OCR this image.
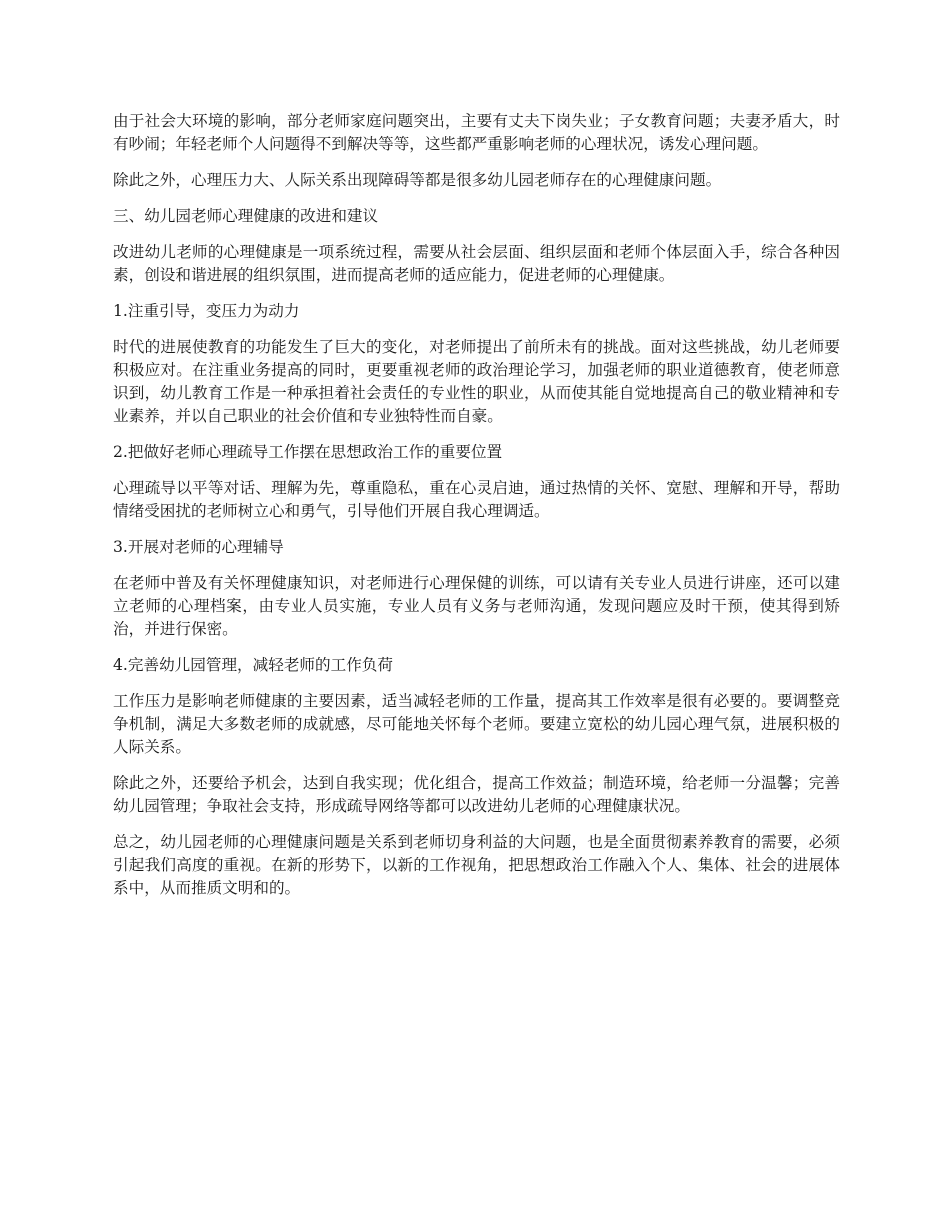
由于社会大环境的影响，部分老师家庭问题突出，主要有丈夫下岗失业；子女教育问题；夫妻矛盾大，时有吵闹；年轻老师个人问题得不到解决等等，这些都严重影响老师的心理状况，诱发心理问题。

除此之外，心理压力大、人际关系出现障碍等都是很多幼儿园老师存在的心理健康问题。

三、幼儿园老师心理健康的改进和建议

改进幼儿老师的心理健康是一项系统过程，需要从社会层面、组织层面和老师个体层面入手，综合各种因素，创设和谐进展的组织氛围，进而提高老师的适应能力，促进老师的心理健康。

1.注重引导，变压力为动力

时代的进展使教育的功能发生了巨大的变化，对老师提出了前所未有的挑战。面对这些挑战，幼儿老师要积极应对。在注重业务提高的同时，更要重视老师的政治理论学习，加强老师的职业道德教育，使老师意识到，幼儿教育工作是一种承担着社会责任的专业性的职业，从而使其能自觉地提高自己的敬业精神和专业素养，并以自己职业的社会价值和专业独特性而自豪。

2.把做好老师心理疏导工作摆在思想政治工作的重要位置

心理疏导以平等对话、理解为先，尊重隐私，重在心灵启迪，通过热情的关怀、宽慰、理解和开导，帮助情绪受困扰的老师树立心和勇气，引导他们开展自我心理调适。

3.开展对老师的心理辅导

在老师中普及有关怀理健康知识，对老师进行心理保健的训练，可以请有关专业人员进行讲座，还可以建立老师的心理档案，由专业人员实施，专业人员有义务与老师沟通，发现问题应及时干预，使其得到矫治，并进行保密。

4.完善幼儿园管理，减轻老师的工作负荷

工作压力是影响老师健康的主要因素，适当减轻老师的工作量，提高其工作效率是很有必要的。要调整竞争机制，满足大多数老师的成就感，尽可能地关怀每个老师。要建立宽松的幼儿园心理气氛，进展积极的人际关系。

除此之外，还要给予机会，达到自我实现；优化组合，提高工作效益；制造环境，给老师一分温馨；完善幼儿园管理；争取社会支持，形成疏导网络等都可以改进幼儿老师的心理健康状况。

总之，幼儿园老师的心理健康问题是关系到老师切身利益的大问题，也是全面贯彻素养教育的需要，必须引起我们高度的重视。在新的形势下，以新的工作视角，把思想政治工作融入个人、集体、社会的进展体系中，从而推质文明和的。
